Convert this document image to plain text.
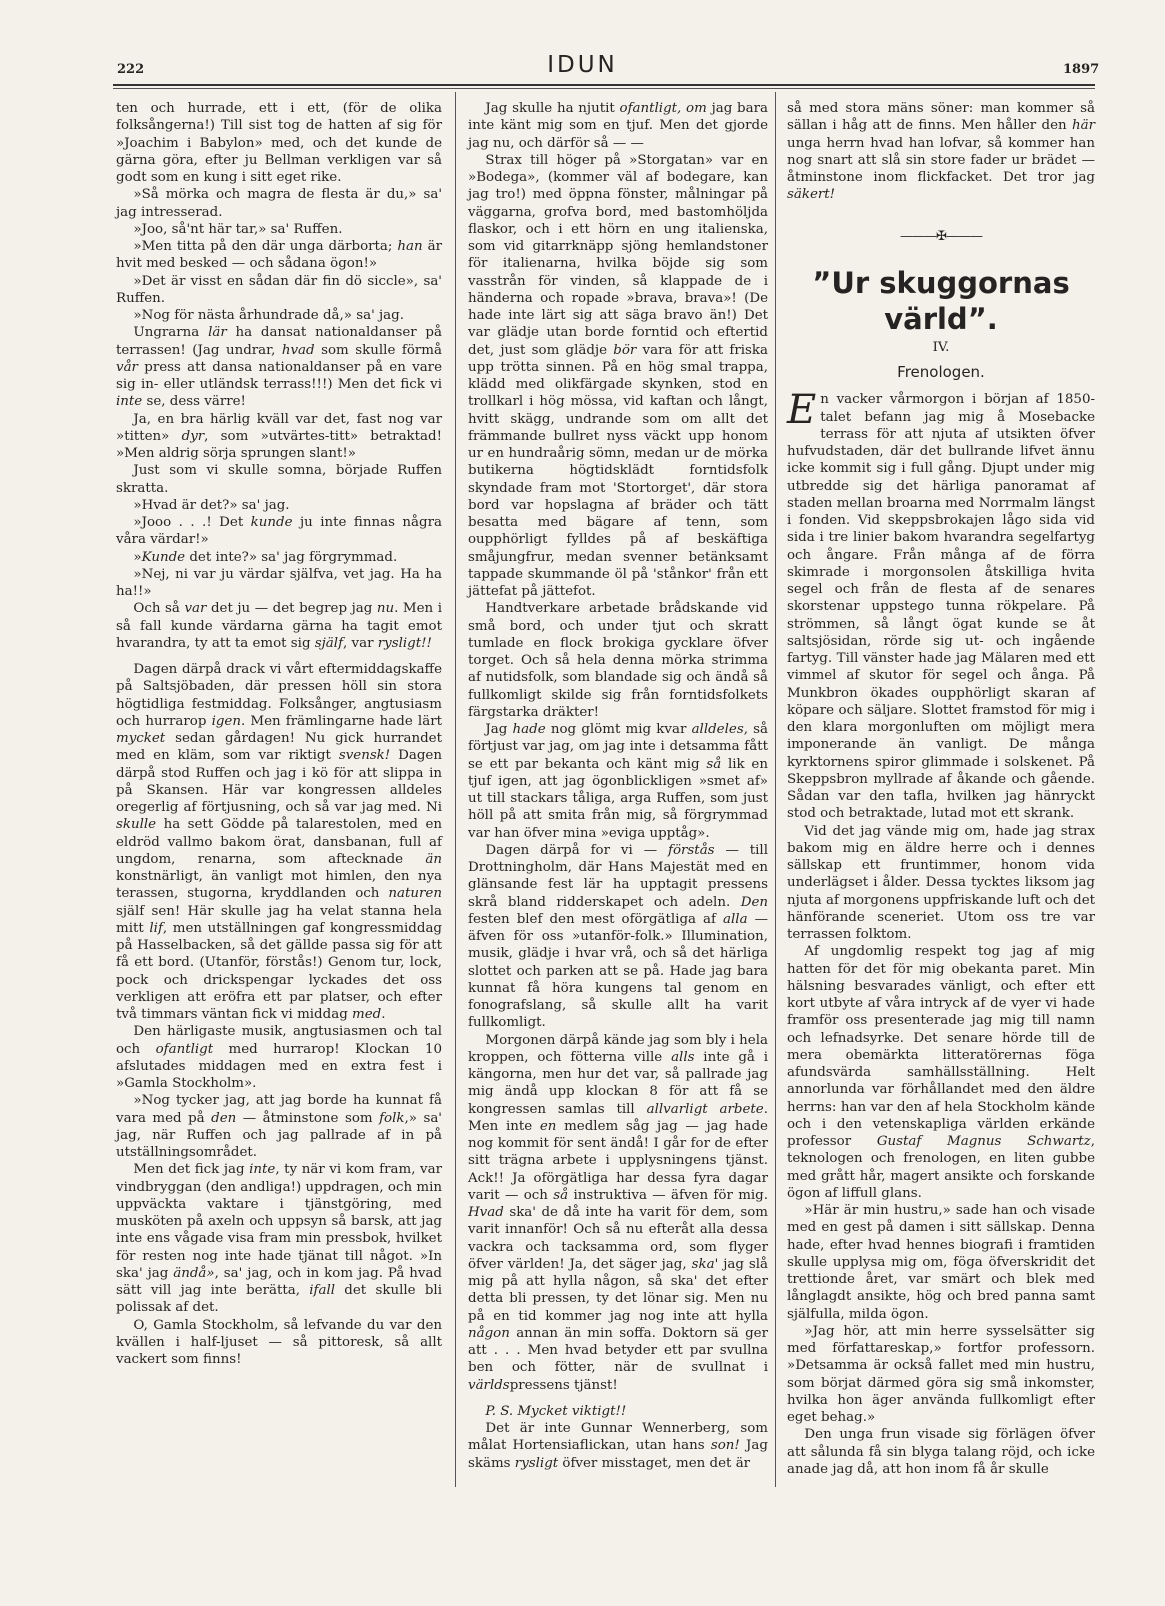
222	IDUN	1897

ten och hurrade, ett i ett, (för de olika folksångerna!) Till sist tog de hatten af sig för »Joachim i Babylon» med, och det kunde de gärna göra, efter ju Bellman verkligen var så godt som en kung i sitt eget rike.

»Så mörka och magra de flesta är du,» sa' jag intresserad.

»Joo, så'nt här tar,» sa' Ruffen.

»Men titta på den där unga därborta; han är hvit med besked — och sådana ögon!»

»Det är visst en sådan där fin dö siccle», sa' Ruffen.

»Nog för nästa århundrade då,» sa' jag.

Ungrarna lär ha dansat nationaldanser på terrassen! (Jag undrar, hvad som skulle förmå vår press att dansa nationaldanser på en vare sig in- eller utländsk terrass!!!) Men det fick vi inte se, dess värre!

Ja, en bra härlig kväll var det, fast nog var »titten» dyr, som »utvärtes-titt» betraktad! »Men aldrig sörja sprungen slant!»

Just som vi skulle somna, började Ruffen skratta.

»Hvad är det?» sa' jag.

»Jooo . . .! Det kunde ju inte finnas några våra värdar!»

»Kunde det inte?» sa' jag förgrymmad.

»Nej, ni var ju värdar själfva, vet jag. Ha ha ha!!»

Och så var det ju — det begrep jag nu. Men i så fall kunde värdarna gärna ha tagit emot hvarandra, ty att ta emot sig själf, var rysligt!!

Dagen därpå drack vi vårt eftermiddagskaffe på Saltsjöbaden, där pressen höll sin stora högtidliga festmiddag. Folksånger, angtusiasm och hurrarop igen. Men främlingarne hade lärt mycket sedan gårdagen! Nu gick hurrandet med en kläm, som var riktigt svensk! Dagen därpå stod Ruffen och jag i kö för att slippa in på Skansen. Här var kongressen alldeles oregerlig af förtjusning, och så var jag med. Ni skulle ha sett Gödde på talarestolen, med en eldröd vallmo bakom örat, dansbanan, full af ungdom, renarna, som aftecknade än konstnärligt, än vanligt mot himlen, den nya terassen, stugorna, kryddlanden och naturen själf sen! Här skulle jag ha velat stanna hela mitt lif, men utställningen gaf kongressmiddag på Hasselbacken, så det gällde passa sig för att få ett bord. (Utanför, förstås!) Genom tur, lock, pock och drickspengar lyckades det oss verkligen att eröfra ett par platser, och efter två timmars väntan fick vi middag med.

Den härligaste musik, angtusiasmen och tal och ofantligt med hurrarop! Klockan 10 afslutades middagen med en extra fest i »Gamla Stockholm».

»Nog tycker jag, att jag borde ha kunnat få vara med på den — åtminstone som folk,» sa' jag, när Ruffen och jag pallrade af in på utställningsområdet.

Men det fick jag inte, ty när vi kom fram, var vindbryggan (den andliga!) uppdragen, och min uppväckta vaktare i tjänstgöring, med musköten på axeln och uppsyn så barsk, att jag inte ens vågade visa fram min pressbok, hvilket för resten nog inte hade tjänat till något. »In ska' jag ändå», sa' jag, och in kom jag. På hvad sätt vill jag inte berätta, ifall det skulle bli polissak af det.

O, Gamla Stockholm, så lefvande du var den kvällen i half-ljuset — så pittoresk, så allt vackert som finns!

Jag skulle ha njutit ofantligt, om jag bara inte känt mig som en tjuf. Men det gjorde jag nu, och därför så — —

Strax till höger på »Storgatan» var en »Bodega», (kommer väl af bodegare, kan jag tro!) med öppna fönster, målningar på väggarna, grofva bord, med bastomhöljda flaskor, och i ett hörn en ung italienska, som vid gitarrknäpp sjöng hemlandstoner för italienarna, hvilka böjde sig som vasstrån för vinden, så klappade de i händerna och ropade »brava, brava»! (De hade inte lärt sig att säga bravo än!) Det var glädje utan borde forntid och eftertid det, just som glädje bör vara för att friska upp trötta sinnen. På en hög smal trappa, klädd med olikfärgade skynken, stod en trollkarl i hög mössa, vid kaftan och långt, hvitt skägg, undrande som om allt det främmande bullret nyss väckt upp honom ur en hundraårig sömn, medan ur de mörka butikerna högtidsklädt forntidsfolk skyndade fram mot 'Stortorget', där stora bord var hopslagna af bräder och tätt besatta med bägare af tenn, som oupphörligt fylldes på af beskäftiga småjungfrur, medan svenner betänksamt tappade skummande öl på 'stånkor' från ett jättefat på jättefot.

Handtverkare arbetade brådskande vid små bord, och under tjut och skratt tumlade en flock brokiga gycklare öfver torget. Och så hela denna mörka strimma af nutidsfolk, som blandade sig och ändå så fullkomligt skilde sig från forntidsfolkets färgstarka dräkter!

Jag hade nog glömt mig kvar alldeles, så förtjust var jag, om jag inte i detsamma fått se ett par bekanta och känt mig så lik en tjuf igen, att jag ögonblickligen »smet af» ut till stackars tåliga, arga Ruffen, som just höll på att smita från mig, så förgrymmad var han öfver mina »eviga upptåg».

Dagen därpå for vi — förstås — till Drottningholm, där Hans Majestät med en glänsande fest lär ha upptagit pressens skrå bland ridderskapet och adeln. Den festen blef den mest oförgätliga af alla — äfven för oss »utanför-folk.» Illumination, musik, glädje i hvar vrå, och så det härliga slottet och parken att se på. Hade jag bara kunnat få höra kungens tal genom en fonografslang, så skulle allt ha varit fullkomligt.

Morgonen därpå kände jag som bly i hela kroppen, och fötterna ville alls inte gå i kängorna, men hur det var, så pallrade jag mig ändå upp klockan 8 för att få se kongressen samlas till allvarligt arbete. Men inte en medlem såg jag — jag hade nog kommit för sent ändå! I går for de efter sitt trägna arbete i upplysningens tjänst. Ack!! Ja oförgätliga har dessa fyra dagar varit — och så instruktiva — äfven för mig. Hvad ska' de då inte ha varit för dem, som varit innanför! Och så nu efteråt alla dessa vackra och tacksamma ord, som flyger öfver världen! Ja, det säger jag, ska' jag slå mig på att hylla någon, så ska' det efter detta bli pressen, ty det lönar sig. Men nu på en tid kommer jag nog inte att hylla någon annan än min soffa. Doktorn sä ger att . . . Men hvad betyder ett par svullna ben och fötter, när de svullnat i världspressens tjänst!

P. S. Mycket viktigt!!

Det är inte Gunnar Wennerberg, som målat Hortensiaflickan, utan hans son! Jag skäms rysligt öfver misstaget, men det är

så med stora mäns söner: man kommer så sällan i håg att de finns. Men håller den här unga herrn hvad han lofvar, så kommer han nog snart att slå sin store fader ur brädet — åtminstone inom flickfacket. Det tror jag säkert!

———✠———
”Ur skuggornas värld”.
IV.
Frenologen.

En vacker vårmorgon i början af 1850-talet befann jag mig å Mosebacke terrass för att njuta af utsikten öfver hufvudstaden, där det bullrande lifvet ännu icke kommit sig i full gång. Djupt under mig utbredde sig det härliga panoramat af staden mellan broarna med Norrmalm längst i fonden. Vid skeppsbrokajen lågo sida vid sida i tre linier bakom hvarandra segelfartyg och ångare. Från många af de förra skimrade i morgonsolen åtskilliga hvita segel och från de flesta af de senares skorstenar uppstego tunna rökpelare. På strömmen, så långt ögat kunde se åt saltsjösidan, rörde sig ut- och ingående fartyg. Till vänster hade jag Mälaren med ett vimmel af skutor för segel och ånga. På Munkbron ökades oupphörligt skaran af köpare och säljare. Slottet framstod för mig i den klara morgonluften om möjligt mera imponerande än vanligt. De många kyrktornens spiror glimmade i solskenet. På Skeppsbron myllrade af åkande och gående. Sådan var den tafla, hvilken jag hänryckt stod och betraktade, lutad mot ett skrank.

Vid det jag vände mig om, hade jag strax bakom mig en äldre herre och i dennes sällskap ett fruntimmer, honom vida underlägset i ålder. Dessa tycktes liksom jag njuta af morgonens uppfriskande luft och det hänförande sceneriet. Utom oss tre var terrassen folktom.

Af ungdomlig respekt tog jag af mig hatten för det för mig obekanta paret. Min hälsning besvarades vänligt, och efter ett kort utbyte af våra intryck af de vyer vi hade framför oss presenterade jag mig till namn och lefnadsyrke. Det senare hörde till de mera obemärkta litteratörernas föga afundsvärda samhällsställning. Helt annorlunda var förhållandet med den äldre herrns: han var den af hela Stockholm kände och i den vetenskapliga världen erkände professor Gustaf Magnus Schwartz, teknologen och frenologen, en liten gubbe med grått hår, magert ansikte och forskande ögon af liffull glans.

»Här är min hustru,» sade han och visade med en gest på damen i sitt sällskap. Denna hade, efter hvad hennes biografi i framtiden skulle upplysa mig om, föga öfverskridit det trettionde året, var smärt och blek med långlagdt ansikte, hög och bred panna samt själfulla, milda ögon.

»Jag hör, att min herre sysselsätter sig med författareskap,» fortfor professorn. »Detsamma är också fallet med min hustru, som börjat därmed göra sig små inkomster, hvilka hon äger använda fullkomligt efter eget behag.»

Den unga frun visade sig förlägen öfver att sålunda få sin blyga talang röjd, och icke anade jag då, att hon inom få år skulle
